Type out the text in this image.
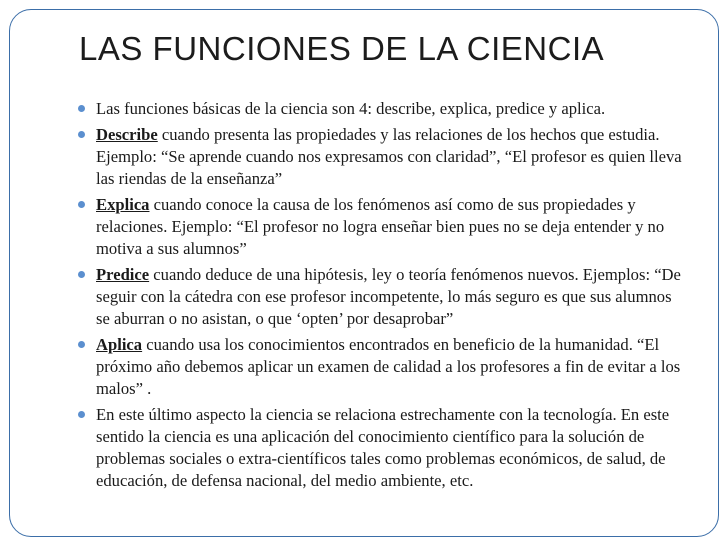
LAS FUNCIONES DE LA CIENCIA
Las funciones básicas de la ciencia son 4: describe, explica, predice y aplica.
Describe cuando presenta las propiedades y las relaciones de los hechos que estudia. Ejemplo: “Se aprende cuando nos expresamos con claridad”, “El profesor es quien lleva las riendas de la enseñanza”
Explica cuando conoce la causa de los fenómenos así como de sus propiedades y relaciones. Ejemplo: “El profesor no logra enseñar bien pues no se deja entender y no motiva a sus alumnos”
Predice cuando deduce de una hipótesis, ley o teoría fenómenos nuevos. Ejemplos: “De seguir con la cátedra con ese profesor incompetente, lo más seguro es que sus alumnos se aburran o no asistan, o que ‘opten’ por desaprobar”
Aplica cuando usa los conocimientos encontrados en beneficio de la humanidad. “El próximo año debemos aplicar un examen de calidad a los profesores a fin de evitar a los malos” .
En este último aspecto la ciencia se relaciona estrechamente con la tecnología. En este sentido la ciencia es una aplicación del conocimiento científico para la solución de problemas sociales o extra-científicos tales como problemas económicos, de salud, de educación, de defensa nacional, del medio ambiente, etc.
